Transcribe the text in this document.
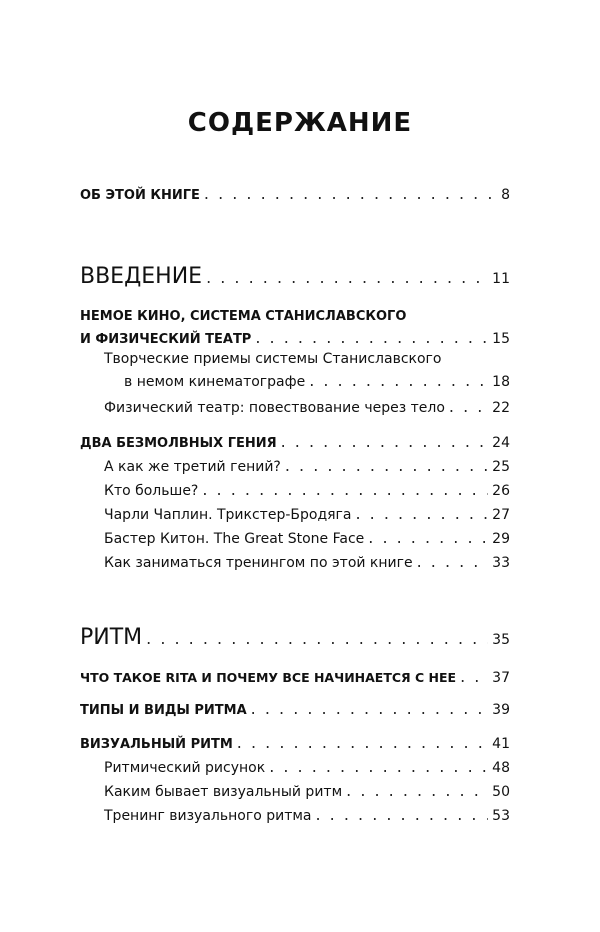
СОДЕРЖАНИЕ
ОБ ЭТОЙ КНИГЕ . . .	8
ВВЕДЕНИЕ . . .	11
НЕМОЕ КИНО, СИСТЕМА СТАНИСЛАВСКОГО
И ФИЗИЧЕСКИЙ ТЕАТР . . .	15
Творческие приемы системы Станиславского
в немом кинематографе . . .	18
Физический театр: повествование через тело . . .	22
ДВА БЕЗМОЛВНЫХ ГЕНИЯ . . .	24
А как же третий гений? . . .	25
Кто больше? . . .	26
Чарли Чаплин. Трикстер-Бродяга . . .	27
Бастер Китон. The Great Stone Face . . .	29
Как заниматься тренингом по этой книге . . .	33
РИТМ . . .	35
ЧТО ТАКОЕ RITA И ПОЧЕМУ ВСЕ НАЧИНАЕТСЯ С НЕЕ . . .	37
ТИПЫ И ВИДЫ РИТМА . . .	39
ВИЗУАЛЬНЫЙ РИТМ . . .	41
Ритмический рисунок . . .	48
Каким бывает визуальный ритм . . .	50
Тренинг визуального ритма . . .	53
